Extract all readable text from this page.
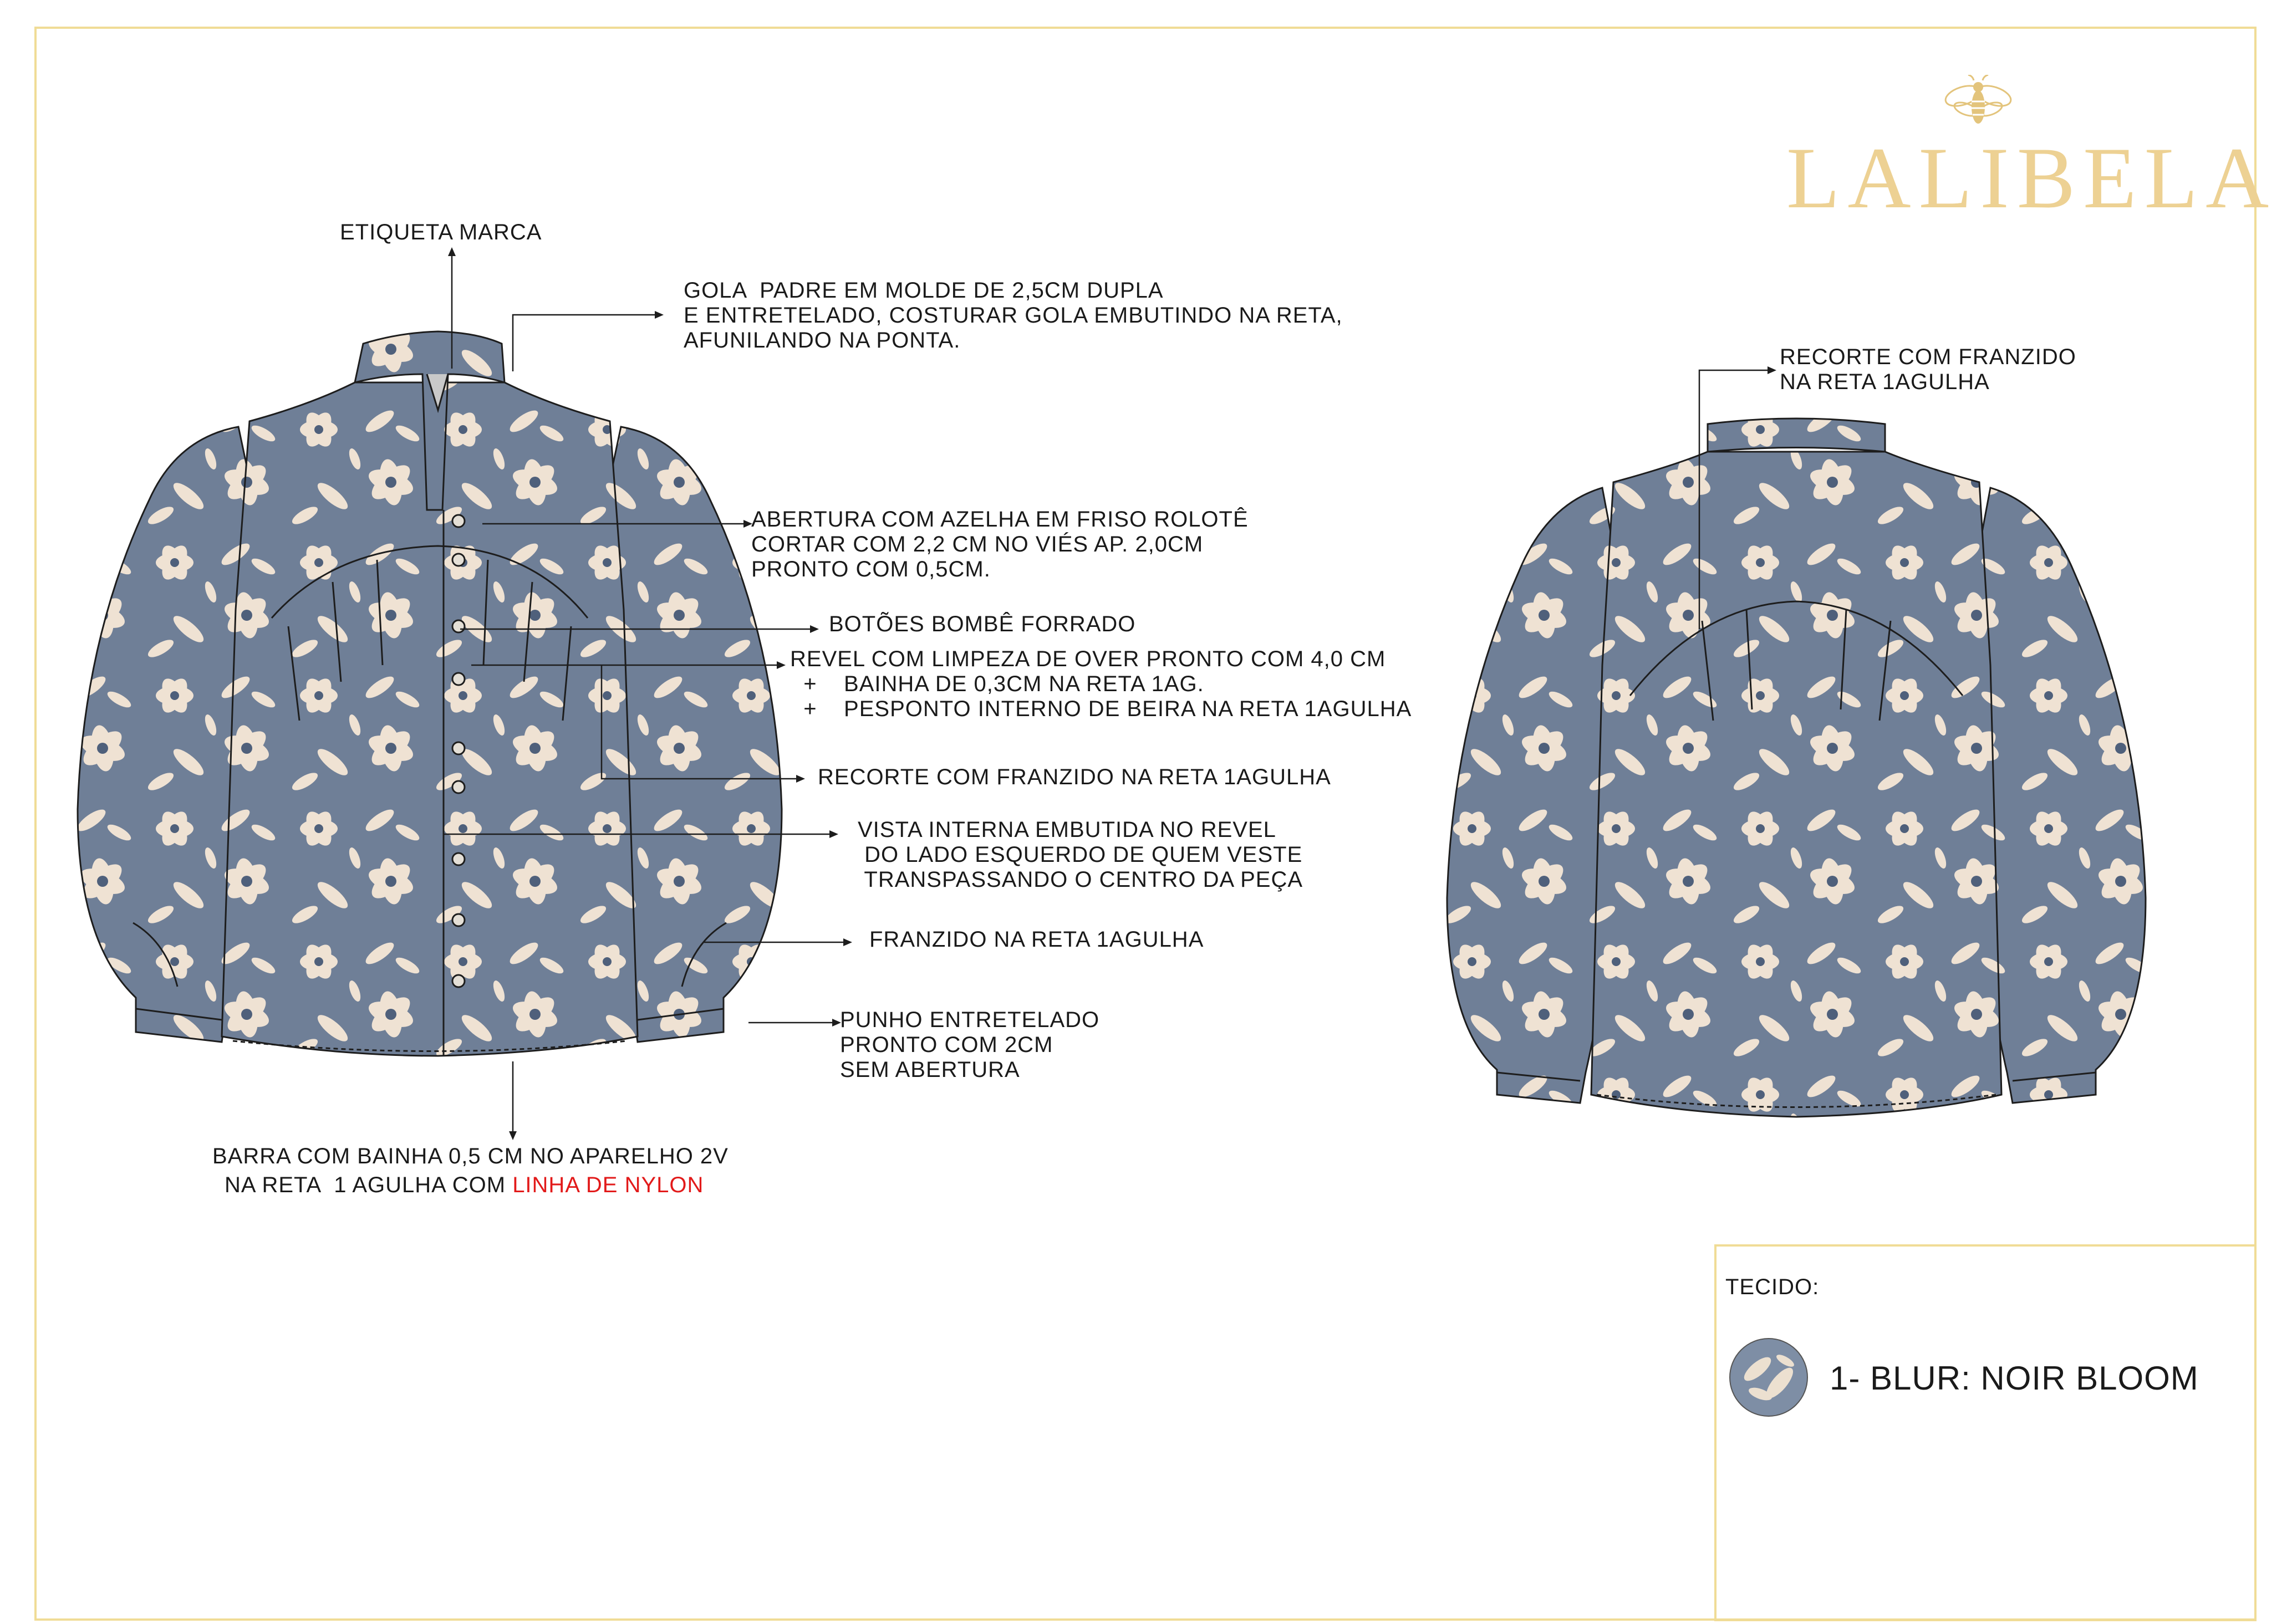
LALIBELA
ETIQUETA MARCA
GOLA  PADRE EM MOLDE DE 2,5CM DUPLA
E ENTRETELADO, COSTURAR GOLA EMBUTINDO NA RETA,
AFUNILANDO NA PONTA.
ABERTURA COM AZELHA EM FRISO ROLOTÊ
CORTAR COM 2,2 CM NO VIÉS AP. 2,0CM
PRONTO COM 0,5CM.
BOTÕES BOMBÊ FORRADO
REVEL COM LIMPEZA DE OVER PRONTO COM 4,0 CM
+    BAINHA DE 0,3CM NA RETA 1AG.
+    PESPONTO INTERNO DE BEIRA NA RETA 1AGULHA
RECORTE COM FRANZIDO NA RETA 1AGULHA
VISTA INTERNA EMBUTIDA NO REVEL
DO LADO ESQUERDO DE QUEM VESTE
TRANSPASSANDO O CENTRO DA PEÇA
FRANZIDO NA RETA 1AGULHA
PUNHO ENTRETELADO
PRONTO COM 2CM
SEM ABERTURA
BARRA COM BAINHA 0,5 CM NO APARELHO 2V
NA RETA  1 AGULHA COM LINHA DE NYLON
RECORTE COM FRANZIDO
NA RETA 1AGULHA
TECIDO:
1- BLUR: NOIR BLOOM
